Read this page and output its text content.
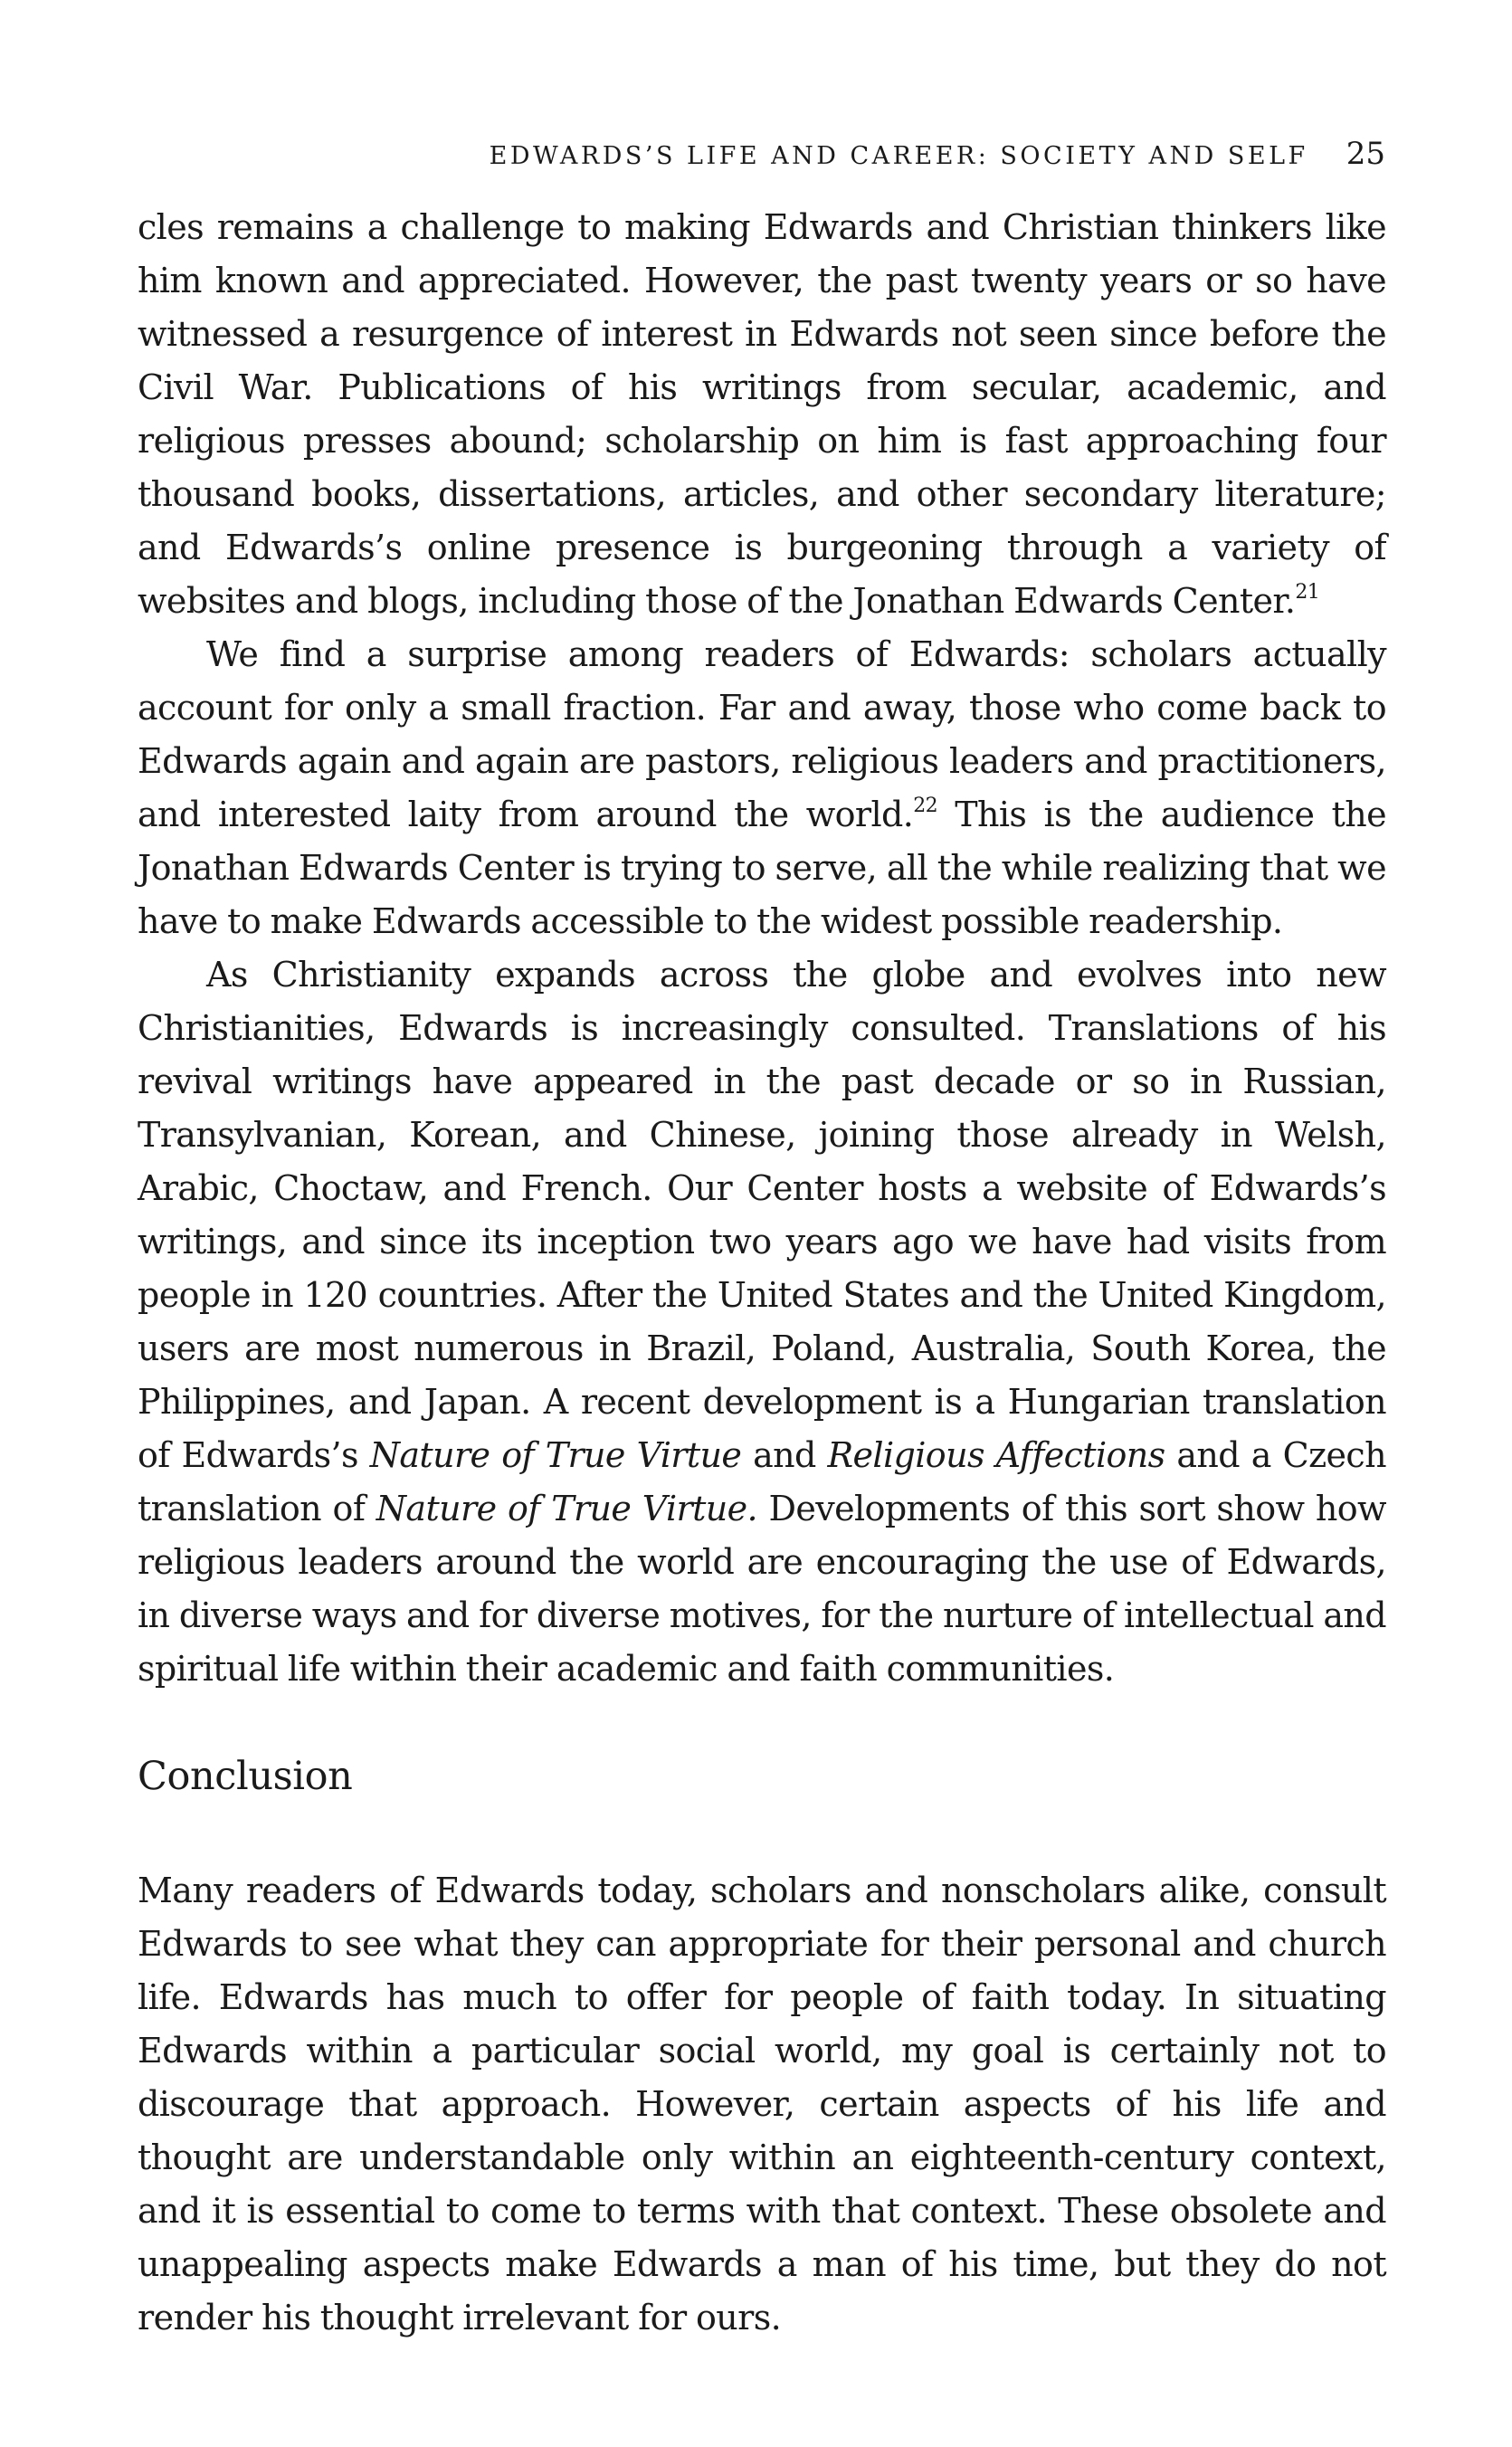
EDWARDS’S LIFE AND CAREER: SOCIETY AND SELF 25

cles remains a challenge to making Edwards and Christian thinkers like him known and appreciated. However, the past twenty years or so have witnessed a resurgence of interest in Edwards not seen since before the Civil War. Publications of his writings from secular, academic, and religious presses abound; scholarship on him is fast approaching four thousand books, dissertations, articles, and other secondary literature; and Edwards’s online presence is burgeoning through a variety of websites and blogs, including those of the Jonathan Edwards Center.$^{21}$

We find a surprise among readers of Edwards: scholars actually account for only a small fraction. Far and away, those who come back to Edwards again and again are pastors, religious leaders and practitioners, and interested laity from around the world.$^{22}$ This is the audience the Jonathan Edwards Center is trying to serve, all the while realizing that we have to make Edwards accessible to the widest possible readership.

As Christianity expands across the globe and evolves into new Christianities, Edwards is increasingly consulted. Translations of his revival writings have appeared in the past decade or so in Russian, Transylvanian, Korean, and Chinese, joining those already in Welsh, Arabic, Choctaw, and French. Our Center hosts a website of Edwards’s writings, and since its inception two years ago we have had visits from people in 120 countries. After the United States and the United Kingdom, users are most numerous in Brazil, Poland, Australia, South Korea, the Philippines, and Japan. A recent development is a Hungarian translation of Edwards’s Nature of True Virtue and Religious Affections and a Czech translation of Nature of True Virtue. Developments of this sort show how religious leaders around the world are encouraging the use of Edwards, in diverse ways and for diverse motives, for the nurture of intellectual and spiritual life within their academic and faith communities.

Conclusion

Many readers of Edwards today, scholars and nonscholars alike, consult Edwards to see what they can appropriate for their personal and church life. Edwards has much to offer for people of faith today. In situating Edwards within a particular social world, my goal is certainly not to discourage that approach. However, certain aspects of his life and thought are understandable only within an eighteenth-century context, and it is essential to come to terms with that context. These obsolete and unappealing aspects make Edwards a man of his time, but they do not render his thought irrelevant for ours.
